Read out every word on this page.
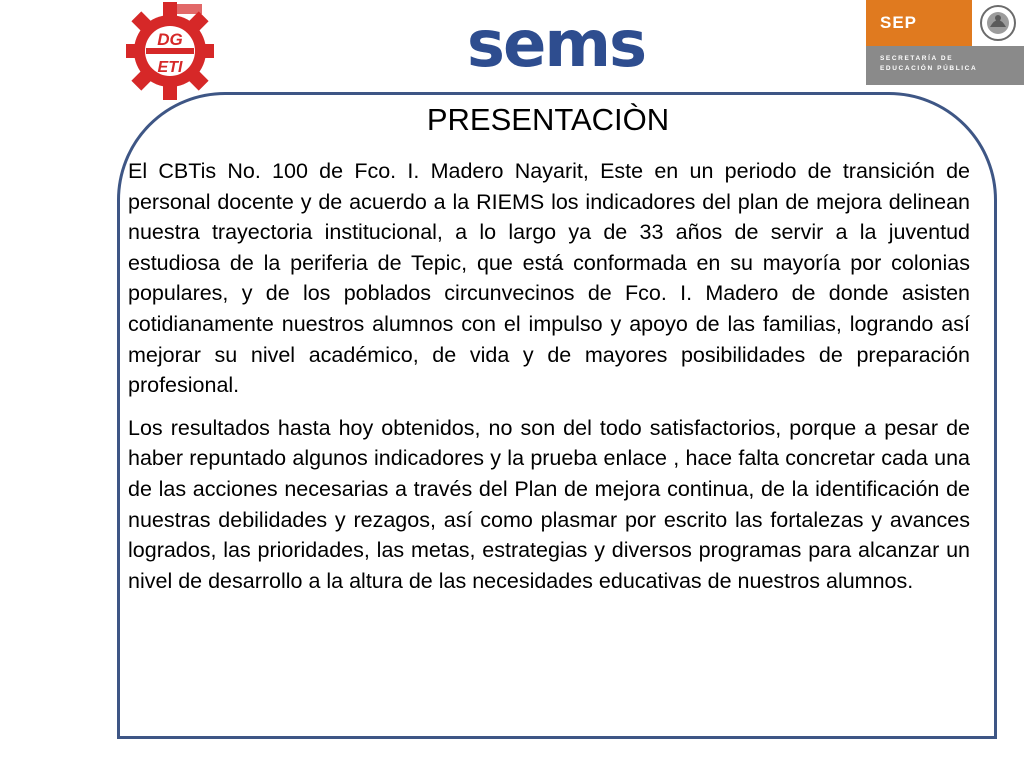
DG
ETI	sems	SEP
SECRETARÍA DE
EDUCACIÓN PÚBLICA
PRESENTACIÒN

El CBTis No. 100 de Fco. I. Madero Nayarit, Este en un periodo de transición de personal docente y de acuerdo a la RIEMS los indicadores del plan de mejora delinean nuestra trayectoria institucional, a lo largo ya de 33 años de servir a la juventud estudiosa de la periferia de Tepic, que está conformada en su mayoría por colonias populares, y de los poblados circunvecinos de Fco. I. Madero de donde asisten cotidianamente nuestros alumnos con el impulso y apoyo de las familias, logrando así mejorar su nivel académico, de vida y de mayores posibilidades de preparación profesional.

Los resultados hasta hoy obtenidos, no son del todo satisfactorios, porque a pesar de haber repuntado algunos indicadores y la prueba enlace , hace falta concretar cada una de las acciones necesarias a través del Plan de mejora continua, de la identificación de nuestras debilidades y rezagos, así como plasmar por escrito las fortalezas y avances logrados, las prioridades, las metas, estrategias y diversos programas para alcanzar un nivel de desarrollo a la altura de las necesidades educativas de nuestros alumnos.
